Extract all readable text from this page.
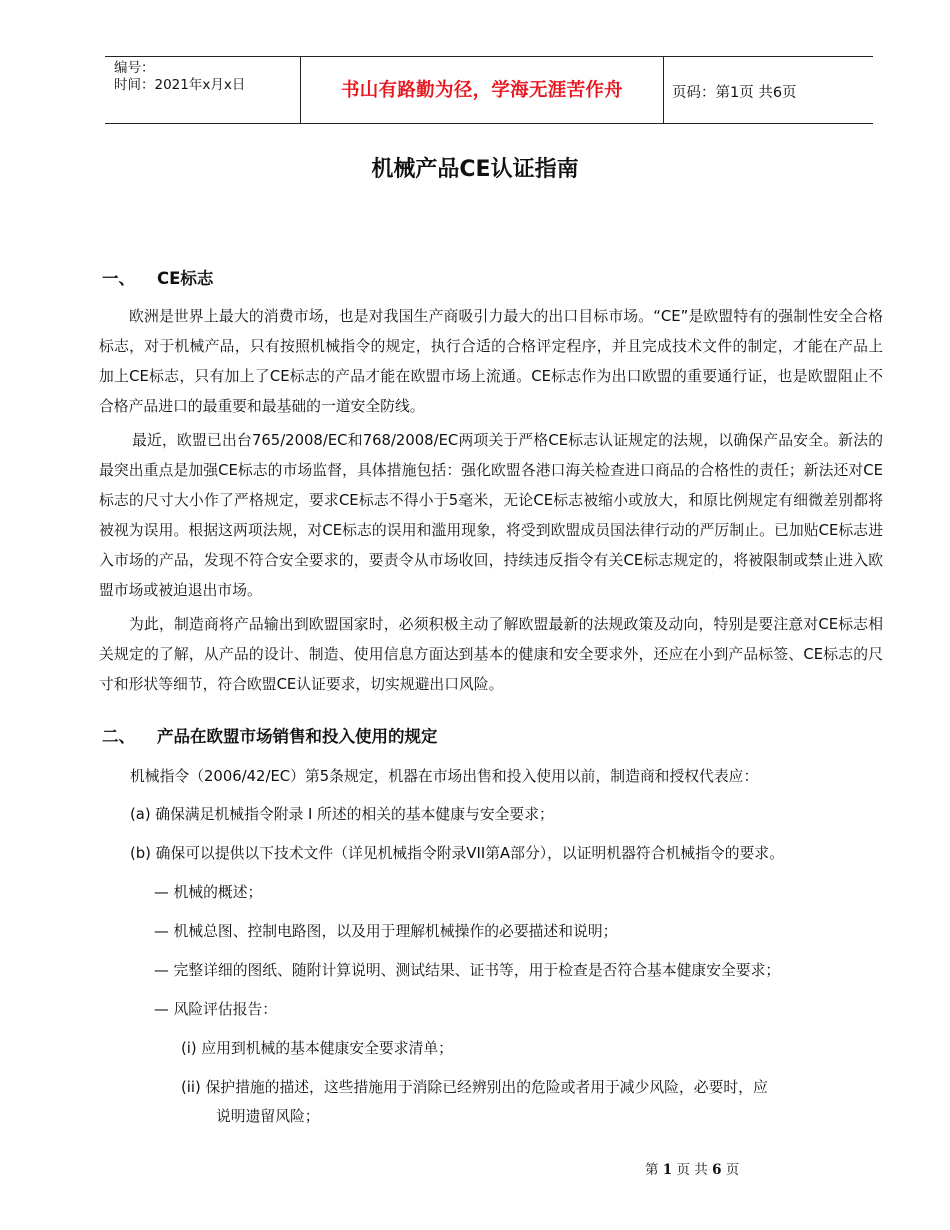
编号：
时间：2021年x月x日	书山有路勤为径，学海无涯苦作舟	页码：第1页 共6页
机械产品CE认证指南
一、 CE标志
欧洲是世界上最大的消费市场，也是对我国生产商吸引力最大的出口目标市场。“CE”是欧盟特有的强制性安全合格标志，对于机械产品，只有按照机械指令的规定，执行合适的合格评定程序，并且完成技术文件的制定，才能在产品上加上CE标志，只有加上了CE标志的产品才能在欧盟市场上流通。CE标志作为出口欧盟的重要通行证，也是欧盟阻止不合格产品进口的最重要和最基础的一道安全防线。
最近，欧盟已出台765/2008/EC和768/2008/EC两项关于严格CE标志认证规定的法规，以确保产品安全。新法的最突出重点是加强CE标志的市场监督，具体措施包括：强化欧盟各港口海关检查进口商品的合格性的责任；新法还对CE标志的尺寸大小作了严格规定，要求CE标志不得小于5毫米，无论CE标志被缩小或放大，和原比例规定有细微差别都将被视为误用。根据这两项法规，对CE标志的误用和滥用现象，将受到欧盟成员国法律行动的严厉制止。已加贴CE标志进入市场的产品，发现不符合安全要求的，要责令从市场收回，持续违反指令有关CE标志规定的，将被限制或禁止进入欧盟市场或被迫退出市场。
为此，制造商将产品输出到欧盟国家时，必须积极主动了解欧盟最新的法规政策及动向，特别是要注意对CE标志相关规定的了解，从产品的设计、制造、使用信息方面达到基本的健康和安全要求外，还应在小到产品标签、CE标志的尺寸和形状等细节，符合欧盟CE认证要求，切实规避出口风险。
二、 产品在欧盟市场销售和投入使用的规定
机械指令（2006/42/EC）第5条规定，机器在市场出售和投入使用以前，制造商和授权代表应：
(a) 确保满足机械指令附录 I 所述的相关的基本健康与安全要求；
(b) 确保可以提供以下技术文件（详见机械指令附录VII第A部分），以证明机器符合机械指令的要求。
— 机械的概述；
— 机械总图、控制电路图，以及用于理解机械操作的必要描述和说明；
— 完整详细的图纸、随附计算说明、测试结果、证书等，用于检查是否符合基本健康安全要求；
— 风险评估报告：
(i) 应用到机械的基本健康安全要求清单；
(ii) 保护措施的描述，这些措施用于消除已经辨别出的危险或者用于减少风险，必要时，应
说明遗留风险；
第 1 页 共 6 页
